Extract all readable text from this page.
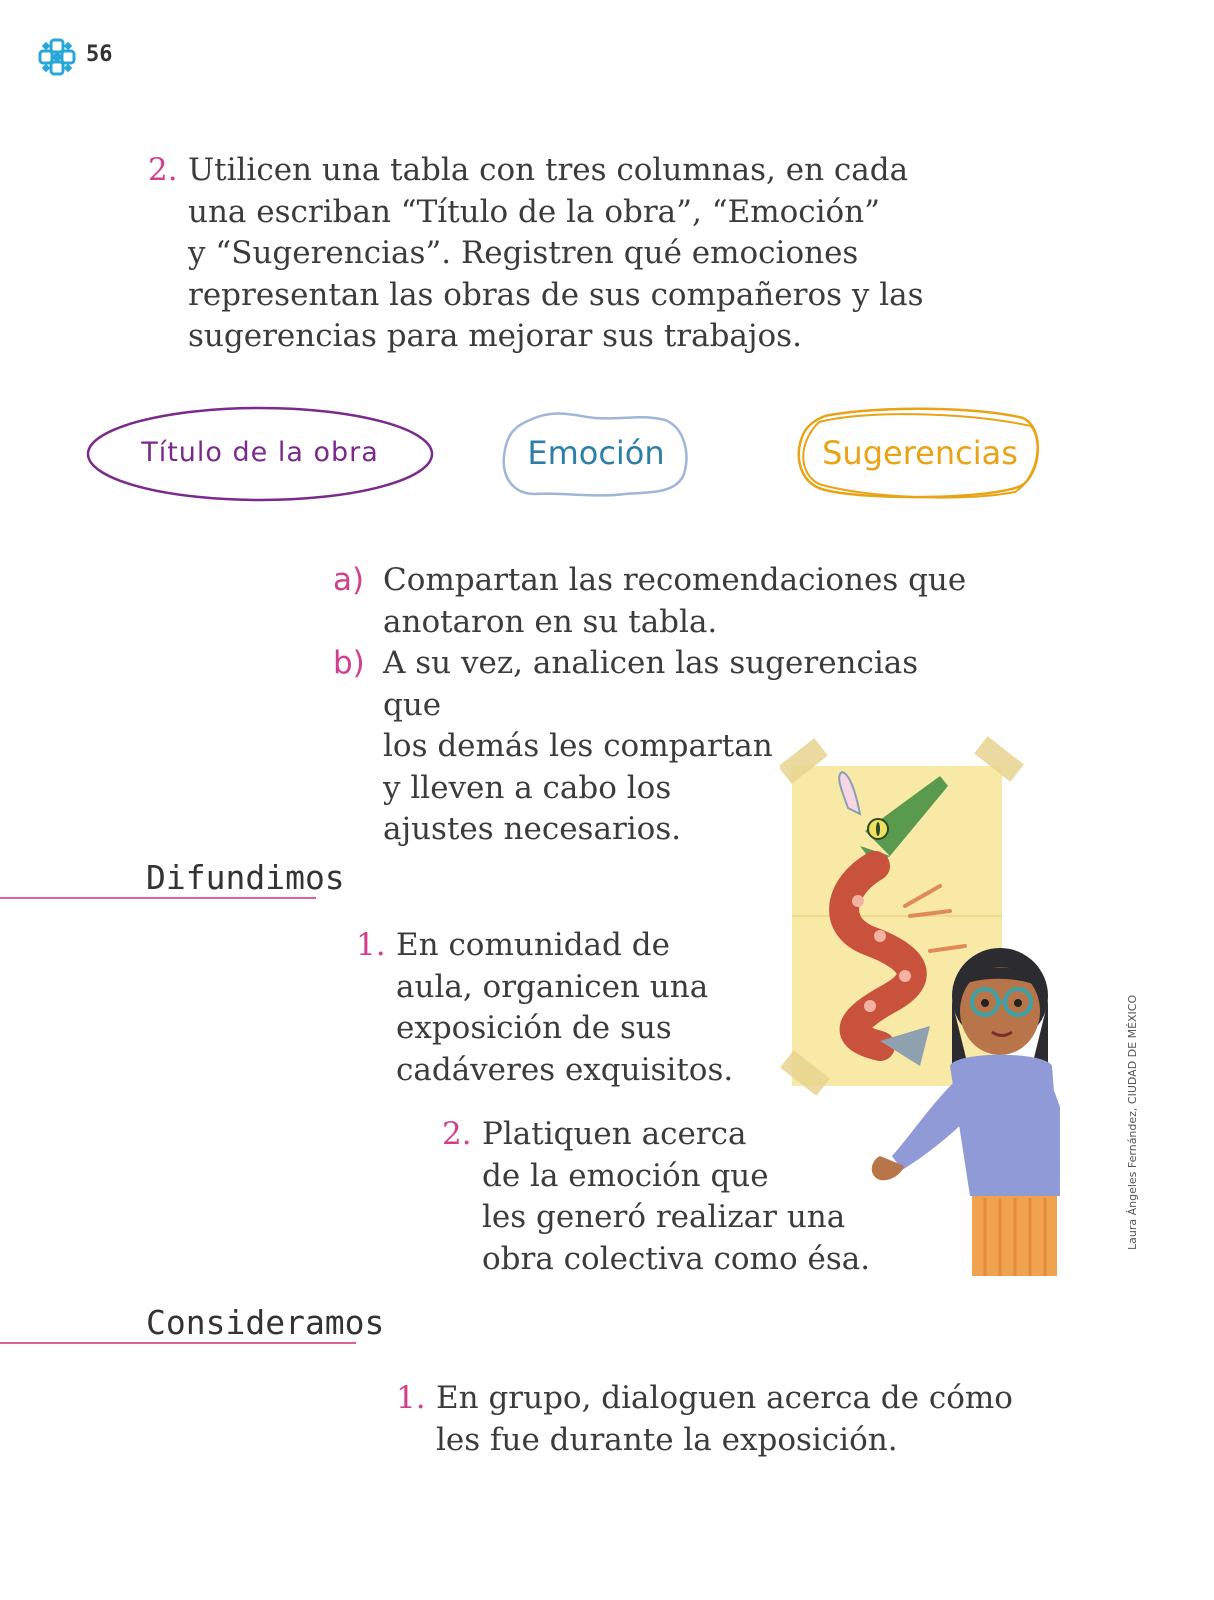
56
2. Utilicen una tabla con tres columnas, en cada
una escriban “Título de la obra”, “Emoción”
y “Sugerencias”. Registren qué emociones
representan las obras de sus compañeros y las
sugerencias para mejorar sus trabajos.
Título de la obra	Emoción	Sugerencias
a) Compartan las recomendaciones que
anotaron en su tabla.
b) A su vez, analicen las sugerencias que
los demás les compartan
y lleven a cabo los
ajustes necesarios.
Difundimos
1. En comunidad de
aula, organicen una
exposición de sus
cadáveres exquisitos.
2. Platiquen acerca
de la emoción que
les generó realizar una
obra colectiva como ésa.
Consideramos
1. En grupo, dialoguen acerca de cómo
les fue durante la exposición.
Laura Ángeles Fernández, CIUDAD DE MÉXICO
